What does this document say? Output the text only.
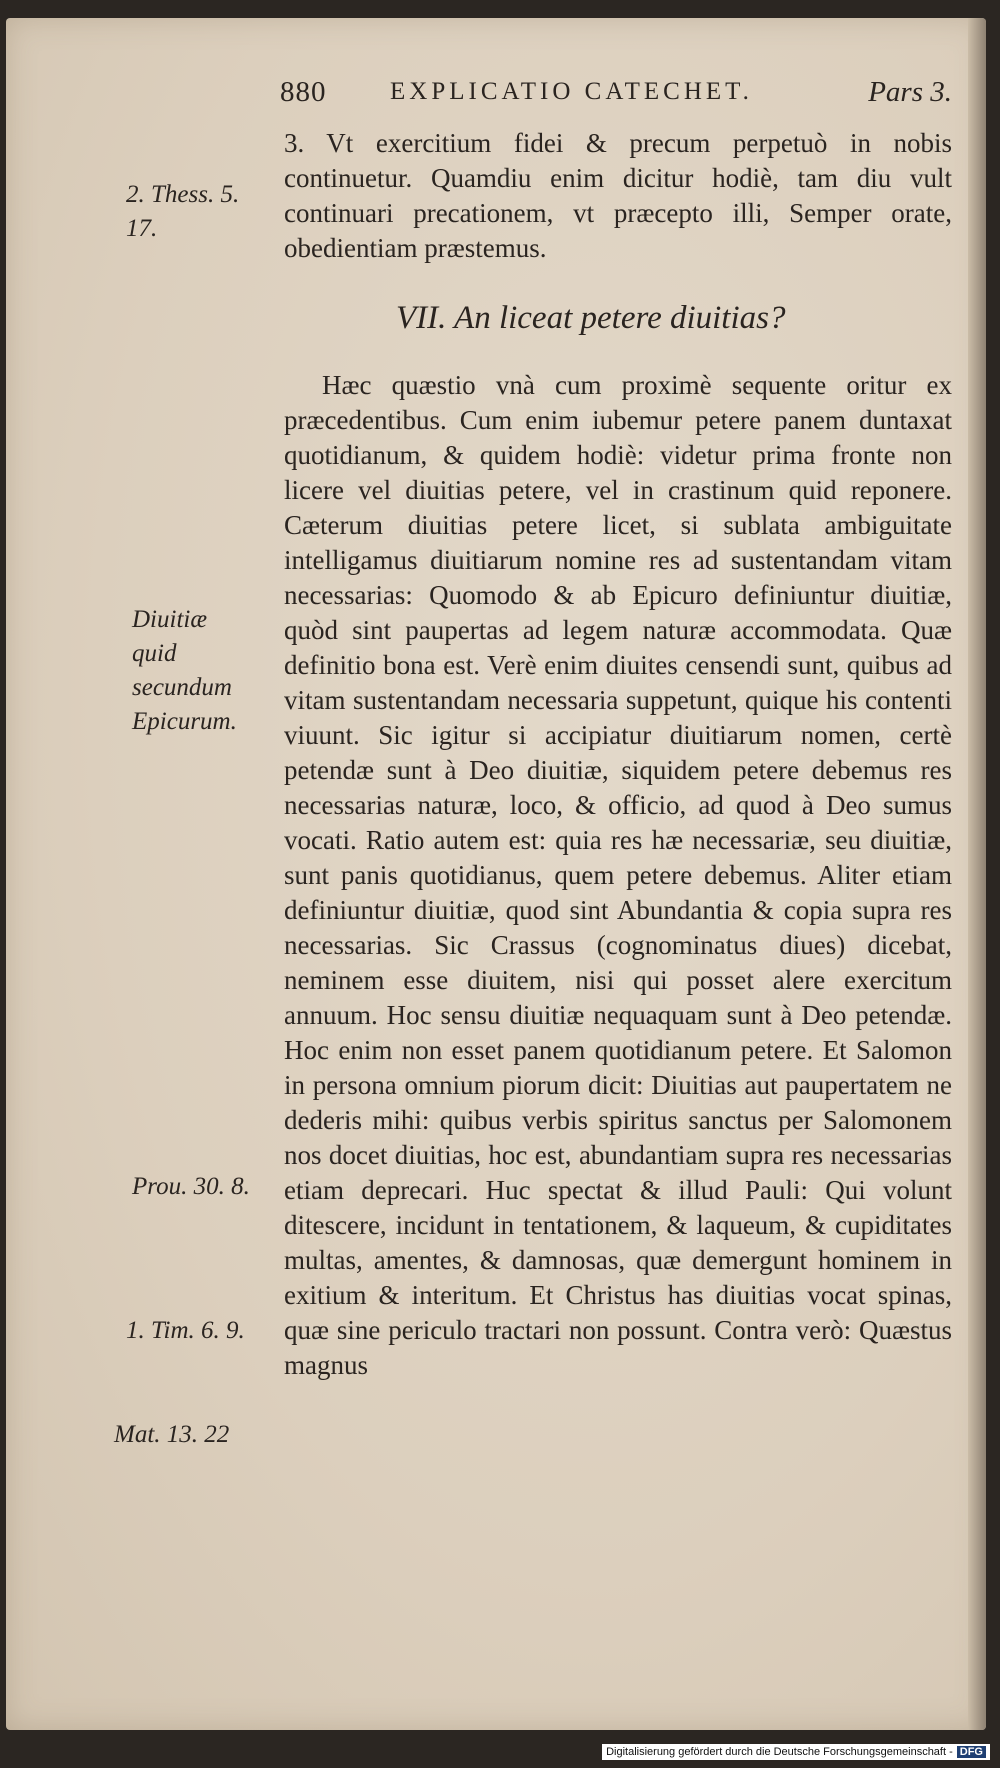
880	EXPLICATIO CATECHET.	Pars 3.
2. Thess. 5. 17.
Diuitiæ quid secundum Epicurum.
Prou. 30. 8.
1. Tim. 6. 9.
Mat. 13. 22

3. Vt exercitium fidei & precum perpetuò in nobis continuetur. Quamdiu enim dicitur hodiè, tam diu vult continuari precationem, vt præcepto illi, Semper orate, obedientiam præstemus.

VII. An liceat petere diuitias?

Hæc quæstio vnà cum proximè sequente oritur ex præcedentibus. Cum enim iubemur petere panem duntaxat quotidianum, & quidem hodiè: videtur prima fronte non licere vel diuitias petere, vel in crastinum quid reponere. Cæterum diuitias petere licet, si sublata ambiguitate intelligamus diuitiarum nomine res ad sustentandam vitam necessarias: Quomodo & ab Epicuro definiuntur diuitiæ, quòd sint paupertas ad legem naturæ accommodata. Quæ definitio bona est. Verè enim diuites censendi sunt, quibus ad vitam sustentandam necessaria suppetunt, quique his contenti viuunt. Sic igitur si accipiatur diuitiarum nomen, certè petendæ sunt à Deo diuitiæ, siquidem petere debemus res necessarias naturæ, loco, & officio, ad quod à Deo sumus vocati. Ratio autem est: quia res hæ necessariæ, seu diuitiæ, sunt panis quotidianus, quem petere debemus. Aliter etiam definiuntur diuitiæ, quod sint Abundantia & copia supra res necessarias. Sic Crassus (cognominatus diues) dicebat, neminem esse diuitem, nisi qui posset alere exercitum annuum. Hoc sensu diuitiæ nequaquam sunt à Deo petendæ. Hoc enim non esset panem quotidianum petere. Et Salomon in persona omnium piorum dicit: Diuitias aut paupertatem ne dederis mihi: quibus verbis spiritus sanctus per Salomonem nos docet diuitias, hoc est, abundantiam supra res necessarias etiam deprecari. Huc spectat & illud Pauli: Qui volunt ditescere, incidunt in tentationem, & laqueum, & cupiditates multas, amentes, & damnosas, quæ demergunt hominem in exitium & interitum. Et Christus has diuitias vocat spinas, quæ sine periculo tractari non possunt. Contra verò: Quæstus magnus

Digitalisierung gefördert durch die Deutsche Forschungsgemeinschaft - DFG
